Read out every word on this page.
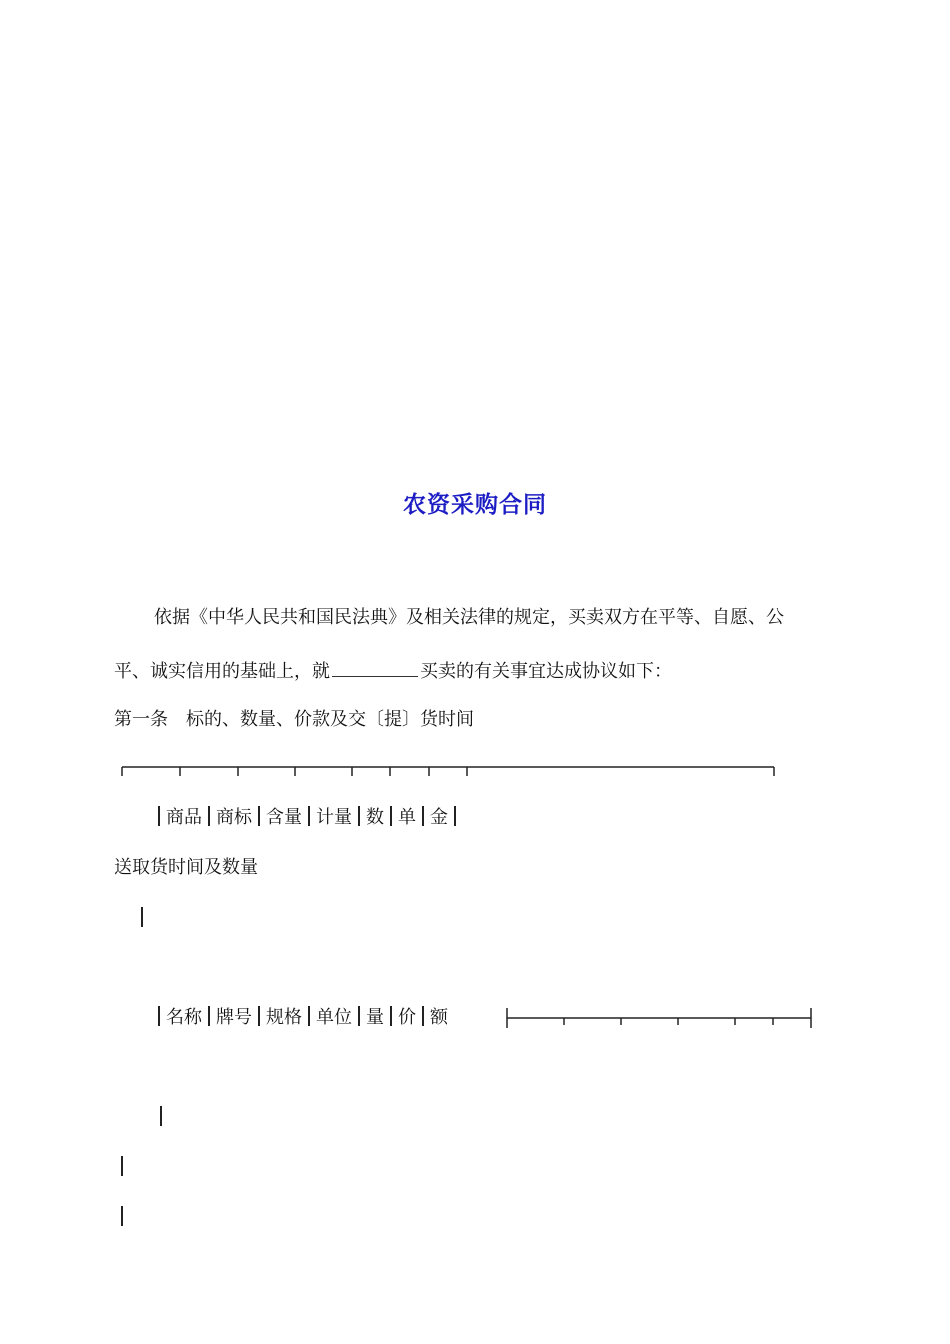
农资采购合同
依据《中华人民共和国民法典》及相关法律的规定，买卖双方在平等、自愿、公
平、诚实信用的基础上，就	买卖的有关事宜达成协议如下：
第一条　标的、数量、价款及交〔提〕货时间
商品 商标 含量 计量 数 单 金
送取货时间及数量
名称 牌号 规格 单位 量 价 额
